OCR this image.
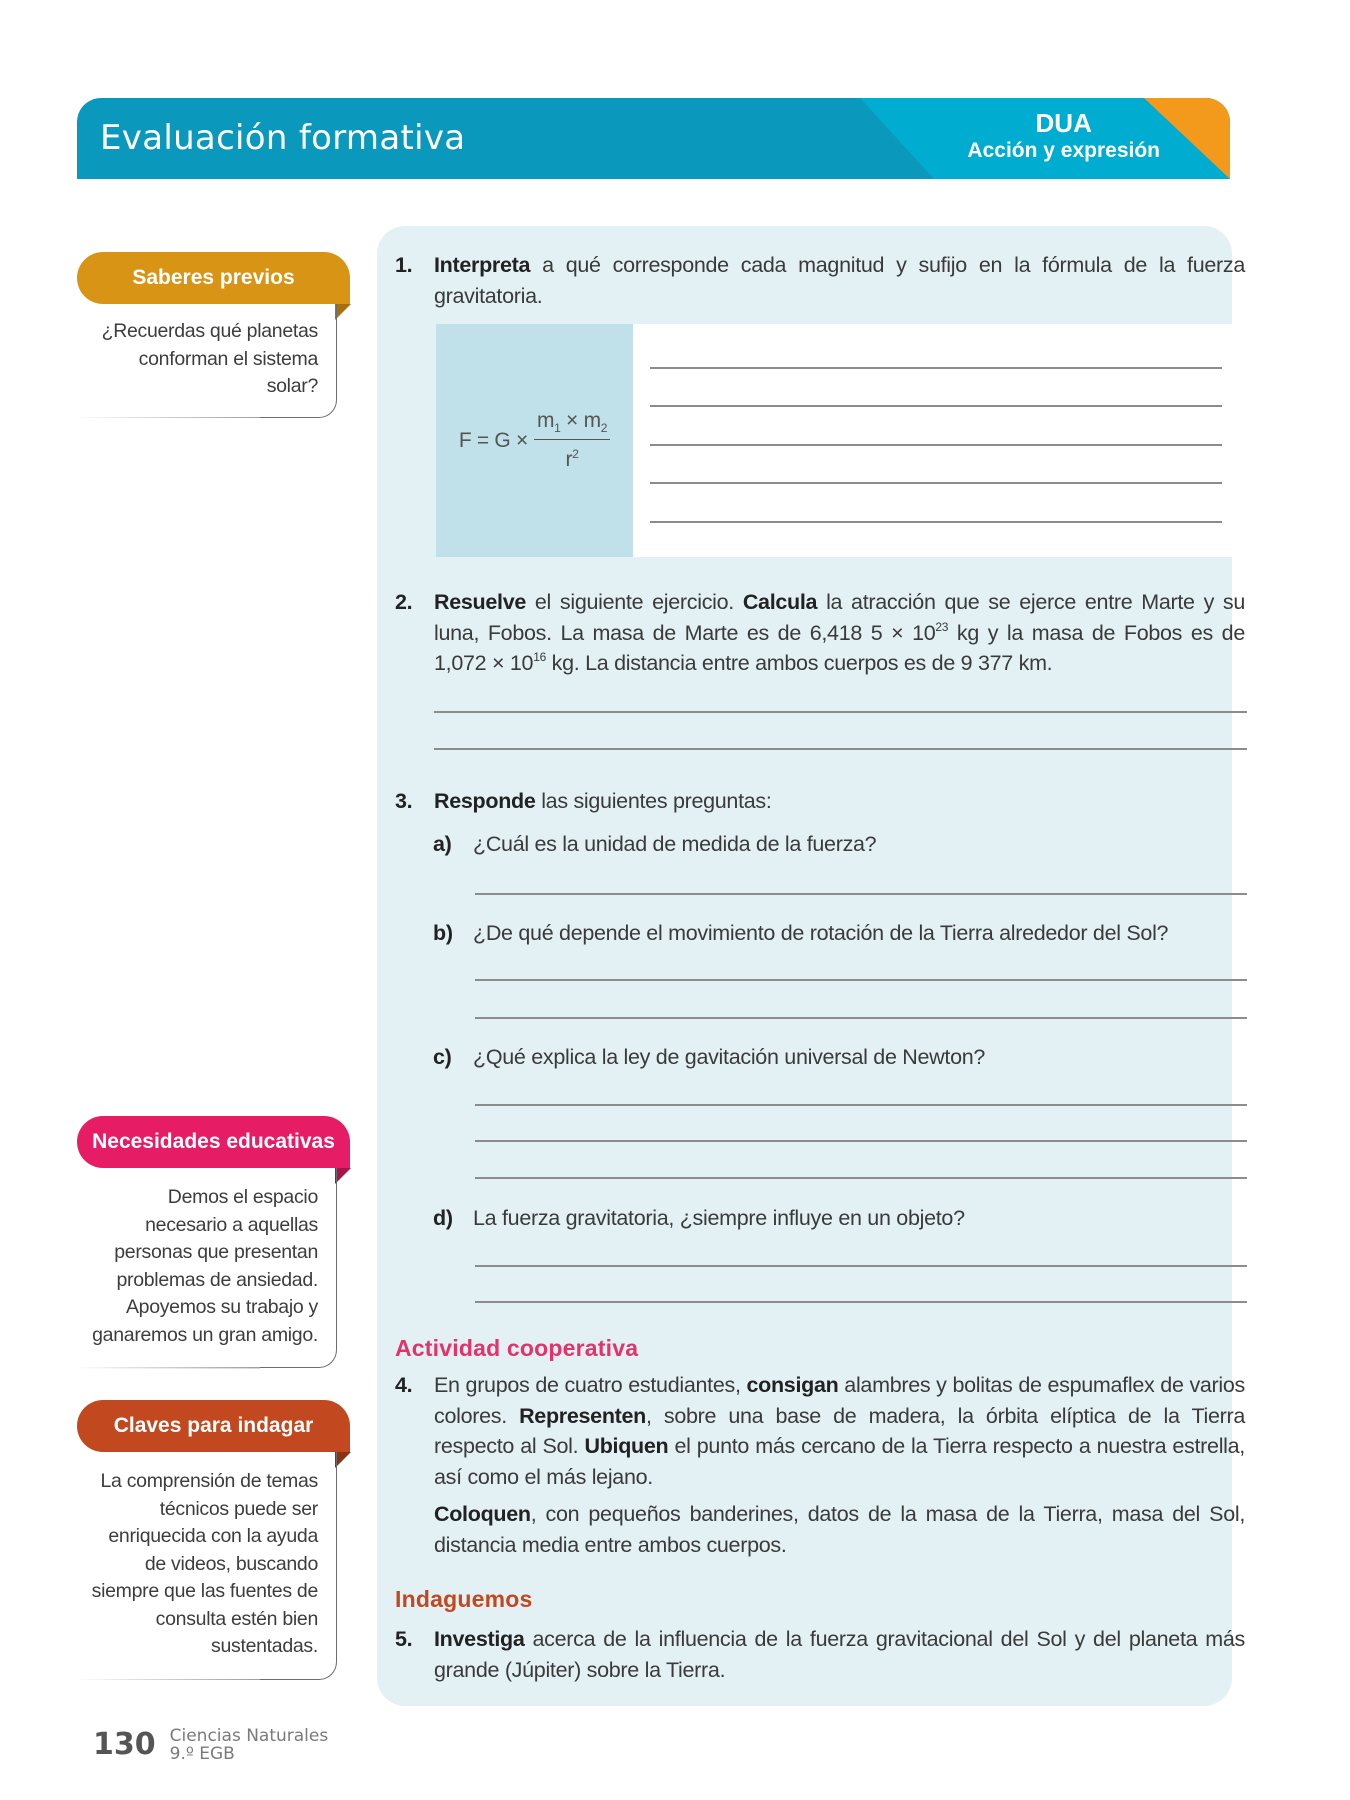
Evaluación formativa	DUA
Acción y expresión
Saberes previos
¿Recuerdas qué planetas conforman el sistema solar?
Necesidades educativas
Demos el espacio necesario a aquellas personas que presentan problemas de ansiedad. Apoyemos su trabajo y ganaremos un gran amigo.
Claves para indagar
La comprensión de temas técnicos puede ser enriquecida con la ayuda de videos, buscando siempre que las fuentes de consulta estén bien sustentadas.
1. Interpreta a qué corresponde cada magnitud y sufijo en la fórmula de la fuerza gravitatoria.
$F = G \times \frac{m_1 \times m_2}{r^2}$
2. Resuelve el siguiente ejercicio. Calcula la atracción que se ejerce entre Marte y su luna, Fobos. La masa de Marte es de 6,418 $5 \times 10^{23}$ kg y la masa de Fobos es de $1,072 \times 10^{16}$ kg. La distancia entre ambos cuerpos es de 9 377 km.
3. Responde las siguientes preguntas:
a) ¿Cuál es la unidad de medida de la fuerza?
b) ¿De qué depende el movimiento de rotación de la Tierra alrededor del Sol?
c) ¿Qué explica la ley de gavitación universal de Newton?
d) La fuerza gravitatoria, ¿siempre influye en un objeto?
Actividad cooperativa
4. En grupos de cuatro estudiantes, consigan alambres y bolitas de espumaflex de varios colores. Representen, sobre una base de madera, la órbita elíptica de la Tierra respecto al Sol. Ubiquen el punto más cercano de la Tierra respecto a nuestra estrella, así como el más lejano.
Coloquen, con pequeños banderines, datos de la masa de la Tierra, masa del Sol, distancia media entre ambos cuerpos.
Indaguemos
5. Investiga acerca de la influencia de la fuerza gravitacional del Sol y del planeta más grande (Júpiter) sobre la Tierra.
130 Ciencias Naturales
9.º EGB
